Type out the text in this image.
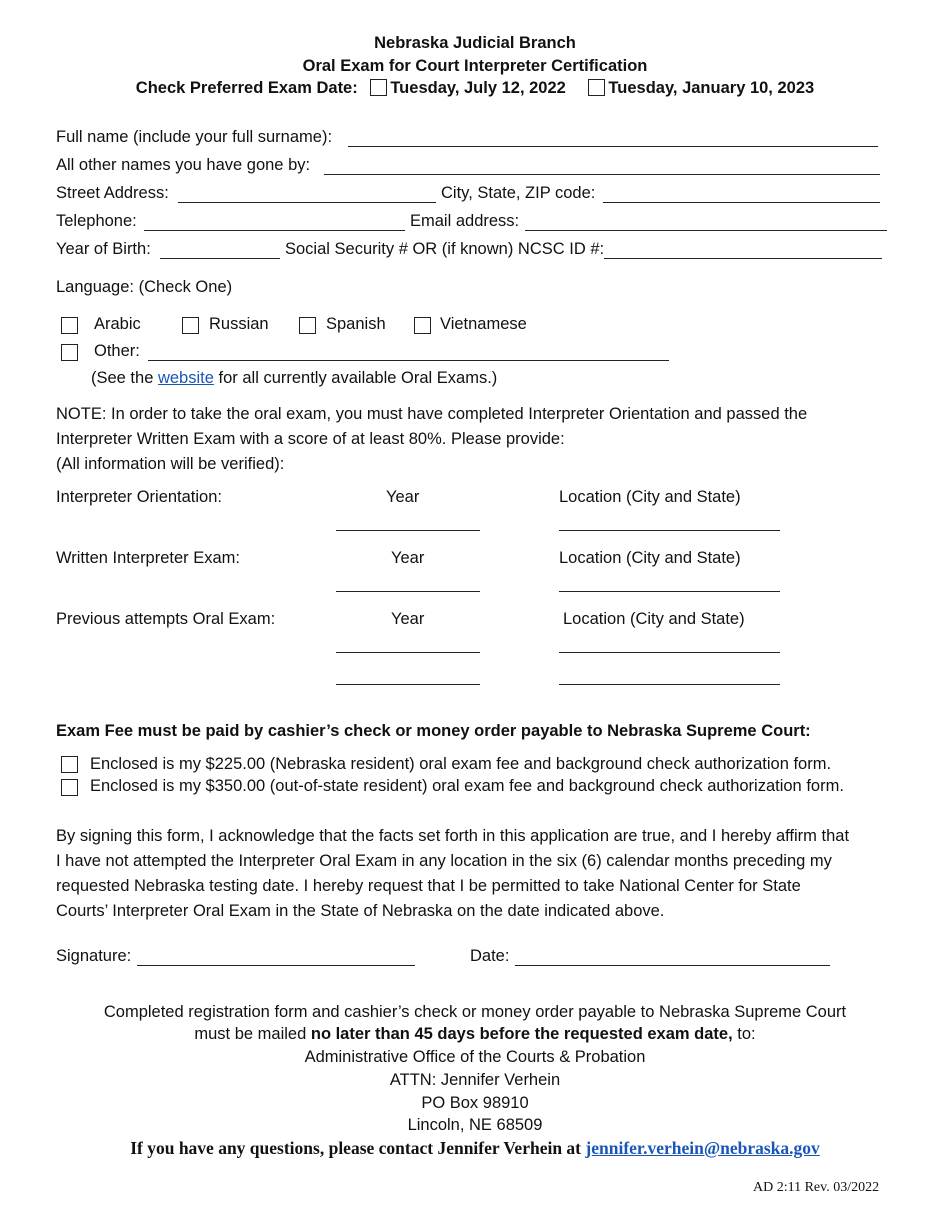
Nebraska Judicial Branch
Oral Exam for Court Interpreter Certification
Check Preferred Exam Date: Tuesday, July 12, 2022	Tuesday, January 10, 2023
Full name (include your full surname):
All other names you have gone by:
Street Address:	City, State, ZIP code:
Telephone:	Email address:
Year of Birth:	Social Security # OR (if known) NCSC ID #:
Language: (Check One)
Arabic	Russian	Spanish	Vietnamese
Other:
(See the website for all currently available Oral Exams.)
NOTE: In order to take the oral exam, you must have completed Interpreter Orientation and passed the
Interpreter Written Exam with a score of at least 80%. Please provide:
(All information will be verified):
Interpreter Orientation:	Year	Location (City and State)
Written Interpreter Exam:	Year	Location (City and State)
Previous attempts Oral Exam:	Year	Location (City and State)
Exam Fee must be paid by cashier’s check or money order payable to Nebraska Supreme Court:
Enclosed is my $225.00 (Nebraska resident) oral exam fee and background check authorization form.
Enclosed is my $350.00 (out-of-state resident) oral exam fee and background check authorization form.
By signing this form, I acknowledge that the facts set forth in this application are true, and I hereby affirm that
I have not attempted the Interpreter Oral Exam in any location in the six (6) calendar months preceding my
requested Nebraska testing date. I hereby request that I be permitted to take National Center for State
Courts’ Interpreter Oral Exam in the State of Nebraska on the date indicated above.
Signature:	Date:
Completed registration form and cashier’s check or money order payable to Nebraska Supreme Court
must be mailed no later than 45 days before the requested exam date, to:
Administrative Office of the Courts & Probation
ATTN: Jennifer Verhein
PO Box 98910
Lincoln, NE 68509
If you have any questions, please contact Jennifer Verhein at jennifer.verhein@nebraska.gov
AD 2:11 Rev. 03/2022
